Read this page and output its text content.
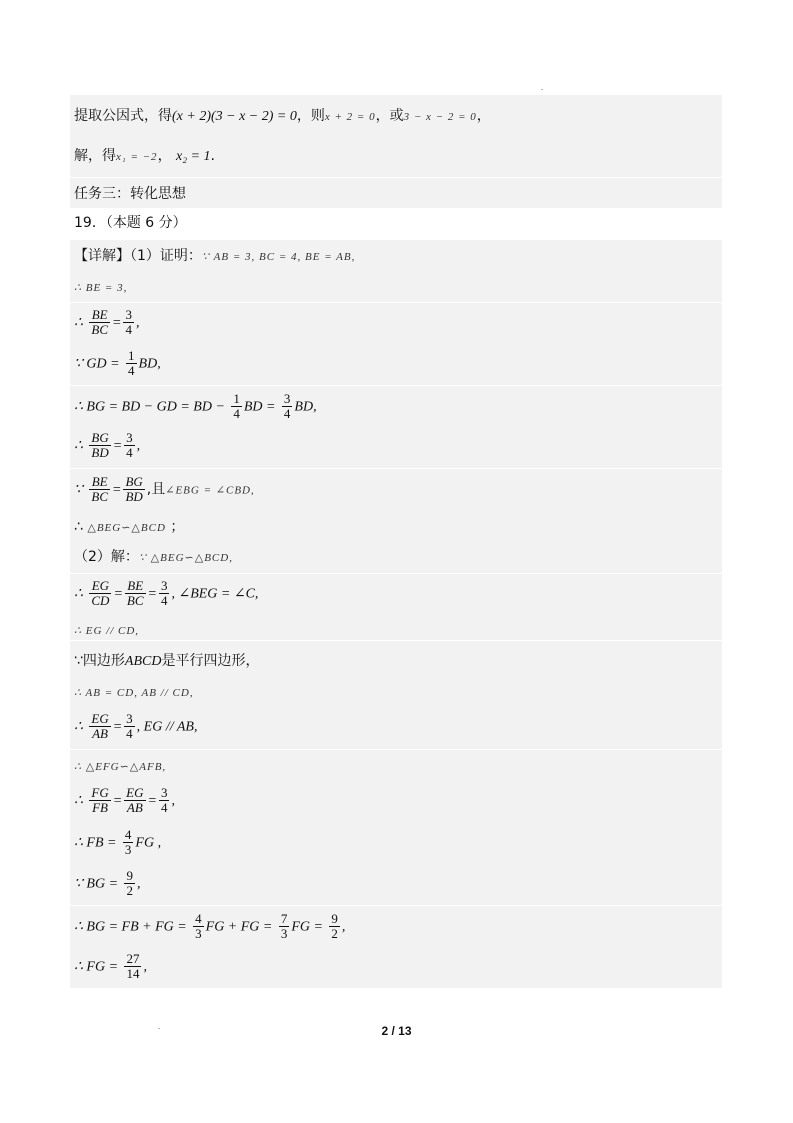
提取公因式，得(x + 2)(3 − x − 2) = 0，则x + 2 = 0，或3 − x − 2 = 0，
解，得x₁ = −2， x₂ = 1.
任务三：转化思想
19．（本题 6 分）
【详解】（1）证明：∵ AB = 3, BC = 4, BE = AB,
∴ BE = 3,
∴ $\frac{BE}{BC} = \frac{3}{4}$ ,
∵ GD = $\frac{1}{4}$ BD,
∴ BG = BD − GD = BD − $\frac{1}{4}$ BD = $\frac{3}{4}$ BD,
∴ $\frac{BG}{BD} = \frac{3}{4}$ ,
∵ $\frac{BE}{BC} = \frac{BG}{BD}$ ,且∠EBG = ∠CBD,
∴ △BEG∽△BCD ；
（2）解：∵ △BEG∽△BCD,
∴ $\frac{EG}{CD} = \frac{BE}{BC} = \frac{3}{4}$ , ∠BEG = ∠C,
∴ EG // CD,
∵四边形ABCD是平行四边形，
∴ AB = CD, AB // CD,
∴ $\frac{EG}{AB} = \frac{3}{4}$ , EG // AB,
∴ △EFG∽△AFB,
∴ $\frac{FG}{FB} = \frac{EG}{AB} = \frac{3}{4}$ ,
∴ FB = $\frac{4}{3}$ FG ,
∵ BG = $\frac{9}{2}$ ,
∴ BG = FB + FG = $\frac{4}{3}$ FG + FG = $\frac{7}{3}$ FG = $\frac{9}{2}$ ,
∴ FG = $\frac{27}{14}$ ,
2 / 13
